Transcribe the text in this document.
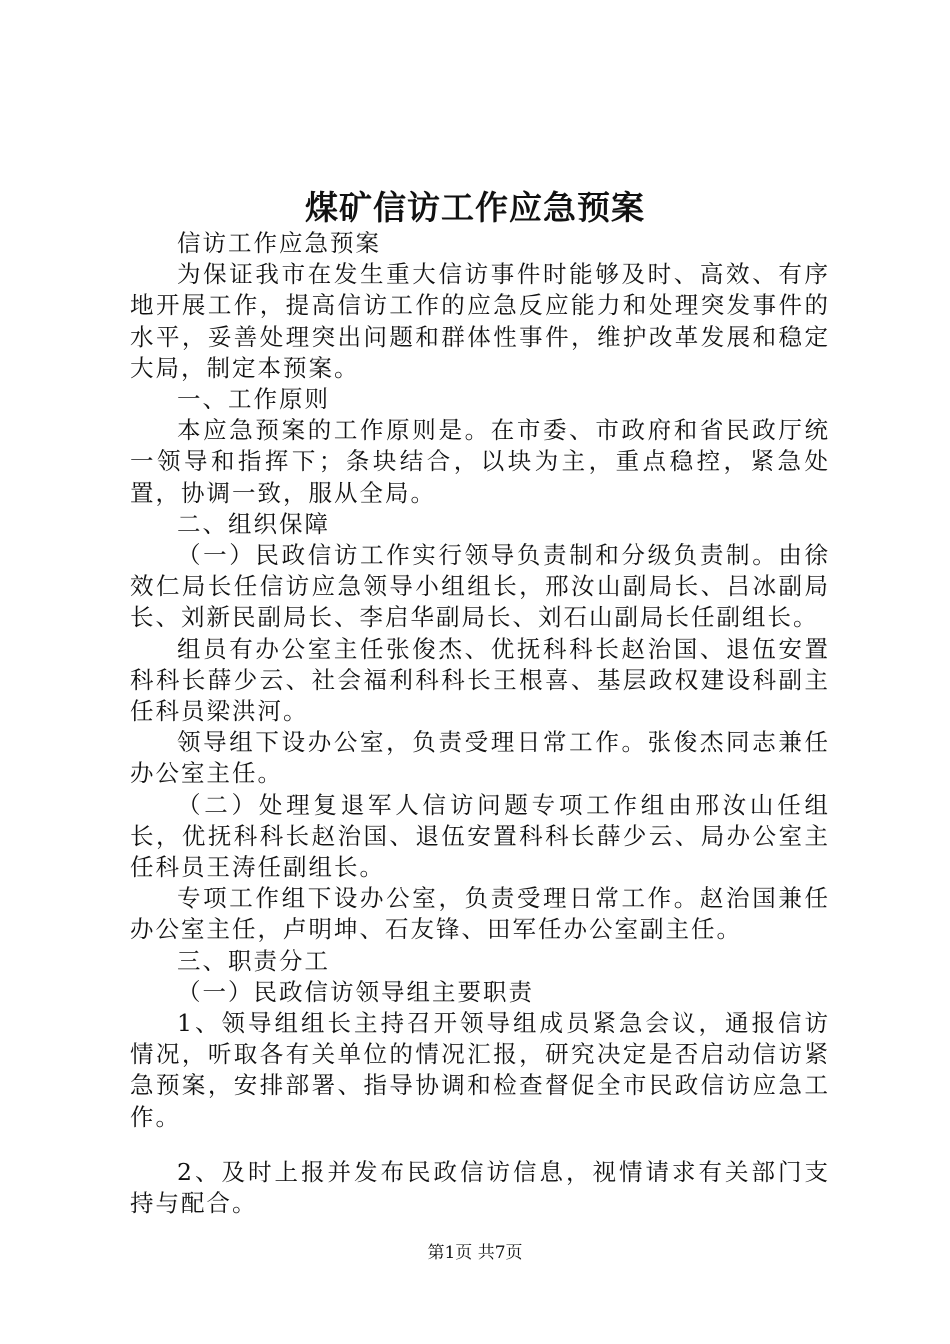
煤矿信访工作应急预案

信访工作应急预案

为保证我市在发生重大信访事件时能够及时、高效、有序地开展工作，提高信访工作的应急反应能力和处理突发事件的水平，妥善处理突出问题和群体性事件，维护改革发展和稳定大局，制定本预案。

一、工作原则

本应急预案的工作原则是。在市委、市政府和省民政厅统一领导和指挥下；条块结合，以块为主，重点稳控，紧急处置，协调一致，服从全局。

二、组织保障

（一）民政信访工作实行领导负责制和分级负责制。由徐效仁局长任信访应急领导小组组长，邢汝山副局长、吕冰副局长、刘新民副局长、李启华副局长、刘石山副局长任副组长。

组员有办公室主任张俊杰、优抚科科长赵治国、退伍安置科科长薛少云、社会福利科科长王根喜、基层政权建设科副主任科员梁洪河。

领导组下设办公室，负责受理日常工作。张俊杰同志兼任办公室主任。

（二）处理复退军人信访问题专项工作组由邢汝山任组长，优抚科科长赵治国、退伍安置科科长薛少云、局办公室主任科员王涛任副组长。

专项工作组下设办公室，负责受理日常工作。赵治国兼任办公室主任，卢明坤、石友锋、田军任办公室副主任。

三、职责分工

（一）民政信访领导组主要职责

1、领导组组长主持召开领导组成员紧急会议，通报信访情况，听取各有关单位的情况汇报，研究决定是否启动信访紧急预案，安排部署、指导协调和检查督促全市民政信访应急工作。

2、及时上报并发布民政信访信息，视情请求有关部门支持与配合。

第1页 共7页
